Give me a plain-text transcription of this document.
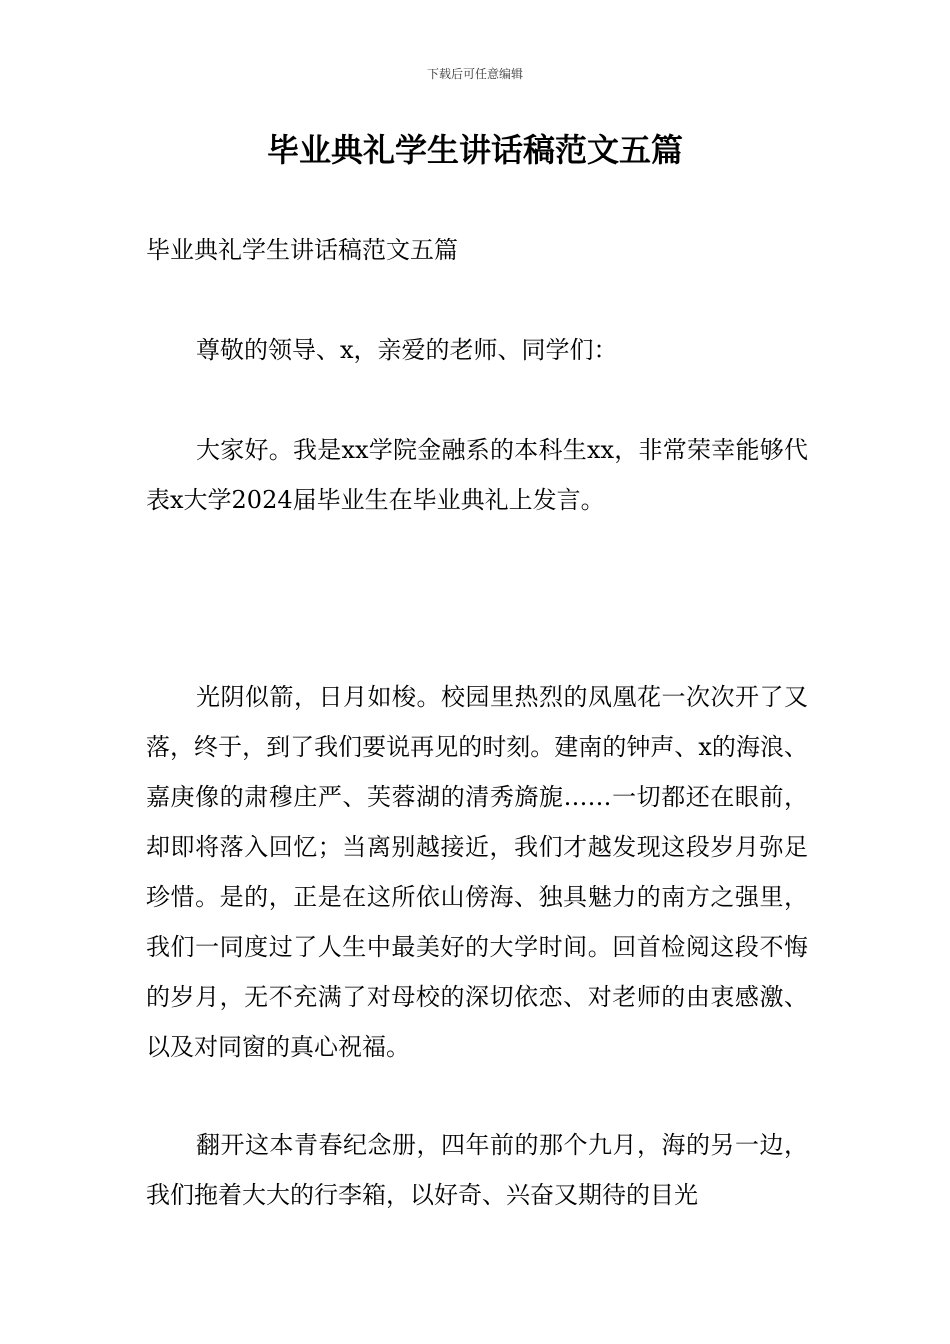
下载后可任意编辑
毕业典礼学生讲话稿范文五篇

毕业典礼学生讲话稿范文五篇

尊敬的领导、x，亲爱的老师、同学们：

大家好。我是xx学院金融系的本科生xx，非常荣幸能够代表x大学2024届毕业生在毕业典礼上发言。

光阴似箭，日月如梭。校园里热烈的凤凰花一次次开了又落，终于，到了我们要说再见的时刻。建南的钟声、x的海浪、嘉庚像的肃穆庄严、芙蓉湖的清秀旖旎……一切都还在眼前，却即将落入回忆；当离别越接近，我们才越发现这段岁月弥足珍惜。是的，正是在这所依山傍海、独具魅力的南方之强里，我们一同度过了人生中最美好的大学时间。回首检阅这段不悔的岁月，无不充满了对母校的深切依恋、对老师的由衷感激、以及对同窗的真心祝福。

翻开这本青春纪念册，四年前的那个九月，海的另一边，我们拖着大大的行李箱，以好奇、兴奋又期待的目光
